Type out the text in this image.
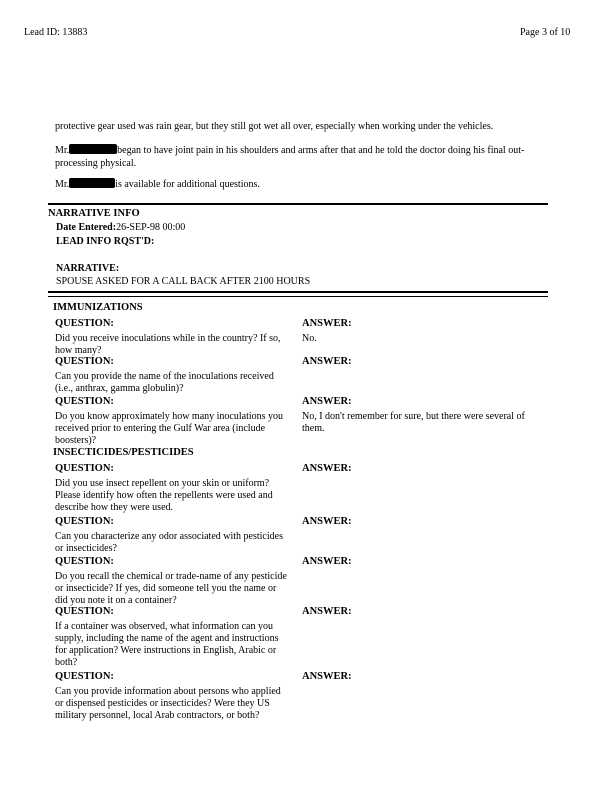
Lead ID: 13883	Page 3 of 10
protective gear used was rain gear, but they still got wet all over, especially when working under the vehicles.
Mr.	began to have joint pain in his shoulders and arms after that and he told the doctor doing his final out-processing physical.
Mr.	is available for additional questions.
NARRATIVE INFO
Date Entered:26-SEP-98 00:00
LEAD INFO RQST'D:
NARRATIVE:
SPOUSE ASKED FOR A CALL BACK AFTER 2100 HOURS
IMMUNIZATIONS
QUESTION:
Did you receive inoculations while in the country? If so, how many?
ANSWER:
No.
QUESTION:
Can you provide the name of the inoculations received (i.e., anthrax, gamma globulin)?
ANSWER:
QUESTION:
Do you know approximately how many inoculations you received prior to entering the Gulf War area (include boosters)?
ANSWER:
No, I don't remember for sure, but there were several of them.
INSECTICIDES/PESTICIDES
QUESTION:
Did you use insect repellent on your skin or uniform? Please identify how often the repellents were used and describe how they were used.
ANSWER:
QUESTION:
Can you characterize any odor associated with pesticides or insecticides?
ANSWER:
QUESTION:
Do you recall the chemical or trade-name of any pesticide or insecticide? If yes, did someone tell you the name or did you note it on a container?
ANSWER:
QUESTION:
If a container was observed, what information can you supply, including the name of the agent and instructions for application? Were instructions in English, Arabic or both?
ANSWER:
QUESTION:
Can you provide information about persons who applied or dispensed pesticides or insecticides? Were they US military personnel, local Arab contractors, or both?
ANSWER:
